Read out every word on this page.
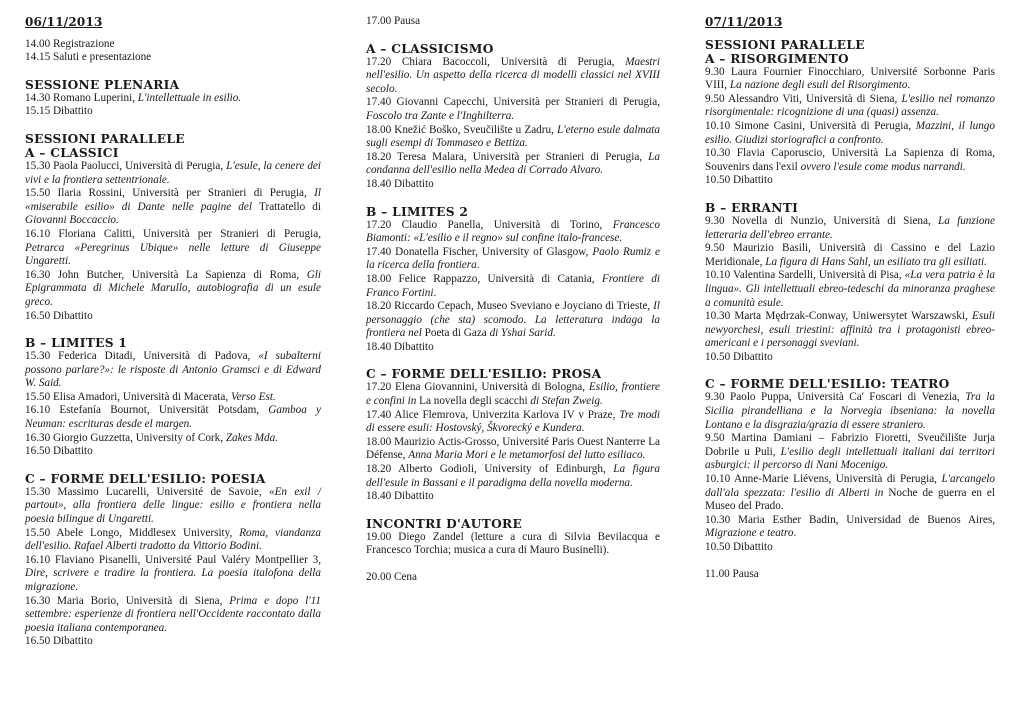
06/11/2013
14.00 Registrazione
14.15 Saluti e presentazione
SESSIONE PLENARIA
14.30 Romano Luperini, L'intellettuale in esilio.
15.15 Dibattito
SESSIONI PARALLELE
A – CLASSICI
15.30 Paola Paolucci, Università di Perugia, L'esule, la cenere dei vivi e la frontiera settentrionale.
15.50 Ilaria Rossini, Università per Stranieri di Perugia, Il «miserabile esilio» di Dante nelle pagine del Trattatello di Giovanni Boccaccio.
16.10 Floriana Calitti, Università per Stranieri di Perugia, Petrarca «Peregrinus Ubique» nelle letture di Giuseppe Ungaretti.
16.30 John Butcher, Università La Sapienza di Roma, Gli Epigrammata di Michele Marullo, autobiografia di un esule greco.
16.50 Dibattito
B – LIMITES 1
15.30 Federica Ditadi, Università di Padova, «I subalterni possono parlare?»: le risposte di Antonio Gramsci e di Edward W. Said.
15.50 Elisa Amadori, Università di Macerata, Verso Est.
16.10 Estefanía Bournot, Universität Potsdam, Gamboa y Neuman: escrituras desde el margen.
16.30 Giorgio Guzzetta, University of Cork, Zakes Mda.
16.50 Dibattito
C – FORME DELL'ESILIO: POESIA
15.30 Massimo Lucarelli, Université de Savoie, «En exil / partout», alla frontiera delle lingue: esilio e frontiera nella poesia bilingue di Ungaretti.
15.50 Abele Longo, Middlesex University, Roma, viandanza dell'esilio. Rafael Alberti tradotto da Vittorio Bodini.
16.10 Flaviano Pisanelli, Université Paul Valéry Montpellier 3, Dire, scrivere e tradire la frontiera. La poesia italofona della migrazione.
16.30 Maria Borio, Università di Siena, Prima e dopo l'11 settembre: esperienze di frontiera nell'Occidente raccontato dalla poesia italiana contemporanea.
16.50 Dibattito
17.00 Pausa
A – CLASSICISMO
17.20 Chiara Bacoccoli, Università di Perugia, Maestri nell'esilio. Un aspetto della ricerca di modelli classici nel XVIII secolo.
17.40 Giovanni Capecchi, Università per Stranieri di Perugia, Foscolo tra Zante e l'Inghilterra.
18.00 Knežić Boško, Sveučilište u Zadru, L'eterno esule dalmata sugli esempi di Tommaseo e Bettiza.
18.20 Teresa Malara, Università per Stranieri di Perugia, La condanna dell'esilio nella Medea di Corrado Alvaro.
18.40 Dibattito
B – LIMITES 2
17.20 Claudio Panella, Università di Torino, Francesco Biamonti: «L'esilio e il regno» sul confine italo-francese.
17.40 Donatella Fischer, University of Glasgow, Paolo Rumiz e la ricerca della frontiera.
18.00 Felice Rappazzo, Università di Catania, Frontiere di Franco Fortini.
18.20 Riccardo Cepach, Museo Sveviano e Joyciano di Trieste, Il personaggio (che sta) scomodo. La letteratura indaga la frontiera nel Poeta di Gaza di Yshai Sarid.
18.40 Dibattito
C – FORME DELL'ESILIO: PROSA
17.20 Elena Giovannini, Università di Bologna, Esilio, frontiere e confini in La novella degli scacchi di Stefan Zweig.
17.40 Alice Flemrova, Univerzita Karlova IV v Praze, Tre modi di essere esuli: Hostovský, Škvorecký e Kundera.
18.00 Maurizio Actis-Grosso, Université Paris Ouest Nanterre La Défense, Anna Maria Mori e le metamorfosi del lutto esiliaco.
18.20 Alberto Godioli, University of Edinburgh, La figura dell'esule in Bassani e il paradigma della novella moderna.
18.40 Dibattito
INCONTRI D'AUTORE
19.00 Diego Zandel (letture a cura di Silvia Bevilacqua e Francesco Torchia; musica a cura di Mauro Businelli).
20.00 Cena
07/11/2013
SESSIONI PARALLELE
A – RISORGIMENTO
9.30 Laura Fournier Finocchiaro, Université Sorbonne Paris VIII, La nazione degli esuli del Risorgimento.
9.50 Alessandro Viti, Università di Siena, L'esilio nel romanzo risorgimentale: ricognizione di una (quasi) assenza.
10.10 Simone Casini, Università di Perugia, Mazzini, il lungo esilio. Giudizi storiografici a confronto.
10.30 Flavia Caporuscio, Università La Sapienza di Roma, Souvenirs dans l'exil ovvero l'esule come modus narrandi.
10.50 Dibattito
B – ERRANTI
9.30 Novella di Nunzio, Università di Siena, La funzione letteraria dell'ebreo errante.
9.50 Maurizio Basili, Università di Cassino e del Lazio Meridionale, La figura di Hans Sahl, un esiliato tra gli esiliati.
10.10 Valentina Sardelli, Università di Pisa, «La vera patria è la lingua». Gli intellettuali ebreo-tedeschi da minoranza praghese a comunità esule.
10.30 Marta Mędrzak-Conway, Uniwersytet Warszawski, Esuli newyorchesi, esuli triestini: affinità tra i protagonisti ebreo-americani e i personaggi sveviani.
10.50 Dibattito
C – FORME DELL'ESILIO: TEATRO
9.30 Paolo Puppa, Università Ca' Foscari di Venezia, Tra la Sicilia pirandelliana e la Norvegia ibseniana: la novella Lontano e la disgrazia/grazia di essere straniero.
9.50 Martina Damiani – Fabrizio Fioretti, Sveučilište Jurja Dobrile u Puli, L'esilio degli intellettuali italiani dai territori asburgici: il percorso di Nani Mocenigo.
10.10 Anne-Marie Liévens, Università di Perugia, L'arcangelo dall'ala spezzata: l'esilio di Alberti in Noche de guerra en el Museo del Prado.
10.30 Maria Esther Badin, Universidad de Buenos Aires, Migrazione e teatro.
10.50 Dibattito
11.00 Pausa
